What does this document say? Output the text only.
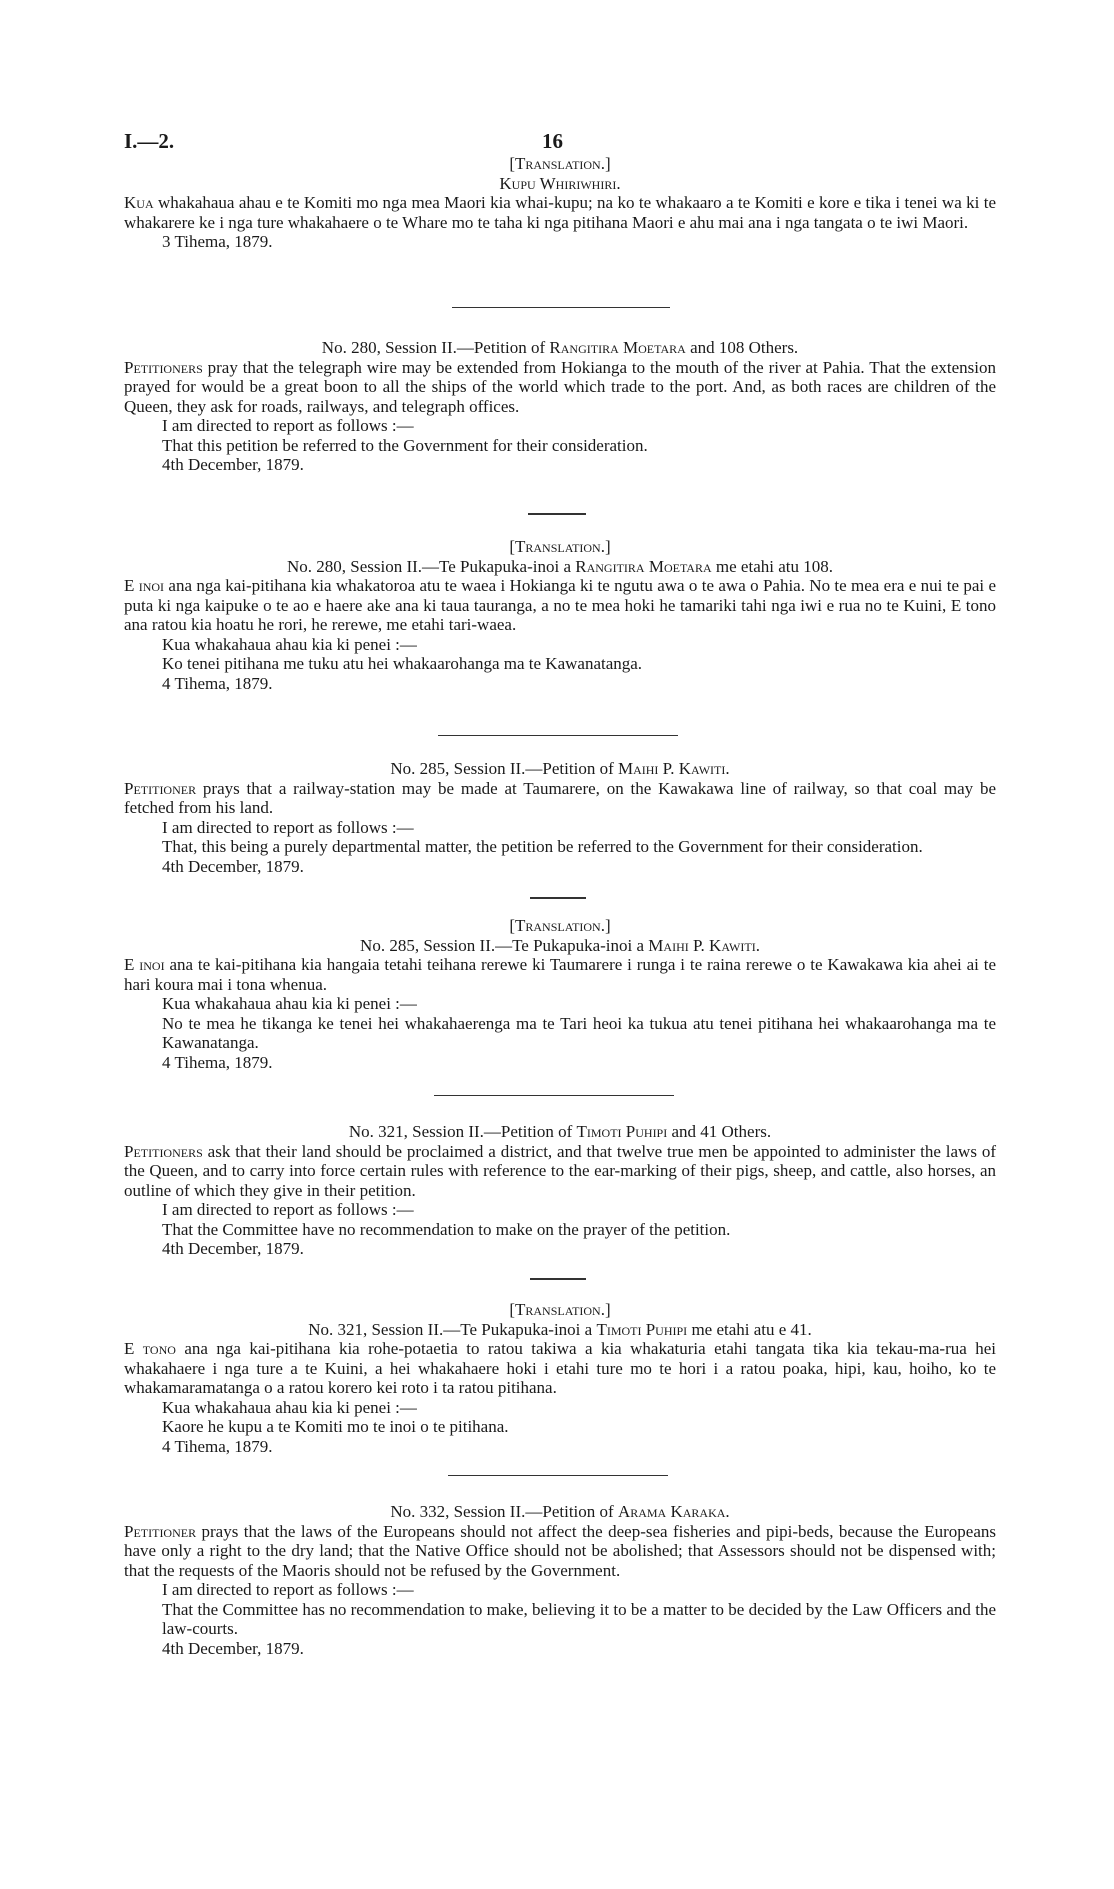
I.—2.	16
[Translation.]
Kupu Whiriwhiri.
Kua whakahaua ahau e te Komiti mo nga mea Maori kia whai-kupu; na ko te whakaaro a te Komiti e kore e tika i tenei wa ki te whakarere ke i nga ture whakahaere o te Whare mo te taha ki nga pitihana Maori e ahu mai ana i nga tangata o te iwi Maori.
3 Tihema, 1879.
No. 280, Session II.—Petition of Rangitira Moetara and 108 Others.
Petitioners pray that the telegraph wire may be extended from Hokianga to the mouth of the river at Pahia. That the extension prayed for would be a great boon to all the ships of the world which trade to the port. And, as both races are children of the Queen, they ask for roads, railways, and telegraph offices.
I am directed to report as follows :—
That this petition be referred to the Government for their consideration.
4th December, 1879.
[Translation.]
No. 280, Session II.—Te Pukapuka-inoi a Rangitira Moetara me etahi atu 108.
E inoi ana nga kai-pitihana kia whakatoroa atu te waea i Hokianga ki te ngutu awa o te awa o Pahia. No te mea era e nui te pai e puta ki nga kaipuke o te ao e haere ake ana ki taua tauranga, a no te mea hoki he tamariki tahi nga iwi e rua no te Kuini, E tono ana ratou kia hoatu he rori, he rerewe, me etahi tari-waea.
Kua whakahaua ahau kia ki penei :—
Ko tenei pitihana me tuku atu hei whakaarohanga ma te Kawanatanga.
4 Tihema, 1879.
No. 285, Session II.—Petition of Maihi P. Kawiti.
Petitioner prays that a railway-station may be made at Taumarere, on the Kawakawa line of railway, so that coal may be fetched from his land.
I am directed to report as follows :—
That, this being a purely departmental matter, the petition be referred to the Government for their consideration.
4th December, 1879.
[Translation.]
No. 285, Session II.—Te Pukapuka-inoi a Maihi P. Kawiti.
E inoi ana te kai-pitihana kia hangaia tetahi teihana rerewe ki Taumarere i runga i te raina rerewe o te Kawakawa kia ahei ai te hari koura mai i tona whenua.
Kua whakahaua ahau kia ki penei :—
No te mea he tikanga ke tenei hei whakahaerenga ma te Tari heoi ka tukua atu tenei pitihana hei whakaarohanga ma te Kawanatanga.
4 Tihema, 1879.
No. 321, Session II.—Petition of Timoti Puhipi and 41 Others.
Petitioners ask that their land should be proclaimed a district, and that twelve true men be appointed to administer the laws of the Queen, and to carry into force certain rules with reference to the ear-marking of their pigs, sheep, and cattle, also horses, an outline of which they give in their petition.
I am directed to report as follows :—
That the Committee have no recommendation to make on the prayer of the petition.
4th December, 1879.
[Translation.]
No. 321, Session II.—Te Pukapuka-inoi a Timoti Puhipi me etahi atu e 41.
E tono ana nga kai-pitihana kia rohe-potaetia to ratou takiwa a kia whakaturia etahi tangata tika kia tekau-ma-rua hei whakahaere i nga ture a te Kuini, a hei whakahaere hoki i etahi ture mo te hori i a ratou poaka, hipi, kau, hoiho, ko te whakamaramatanga o a ratou korero kei roto i ta ratou pitihana.
Kua whakahaua ahau kia ki penei :—
Kaore he kupu a te Komiti mo te inoi o te pitihana.
4 Tihema, 1879.
No. 332, Session II.—Petition of Arama Karaka.
Petitioner prays that the laws of the Europeans should not affect the deep-sea fisheries and pipi-beds, because the Europeans have only a right to the dry land; that the Native Office should not be abolished; that Assessors should not be dispensed with; that the requests of the Maoris should not be refused by the Government.
I am directed to report as follows :—
That the Committee has no recommendation to make, believing it to be a matter to be decided by the Law Officers and the law-courts.
4th December, 1879.
